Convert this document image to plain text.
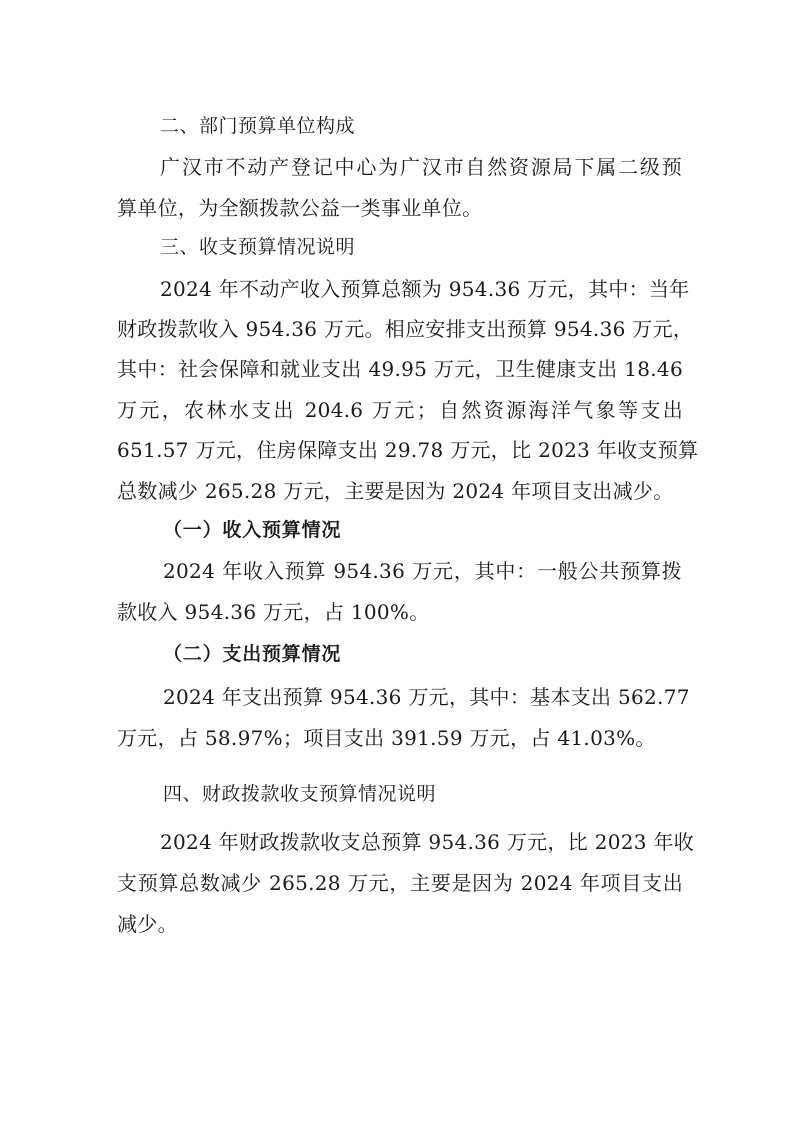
二、部门预算单位构成
广汉市不动产登记中心为广汉市自然资源局下属二级预
算单位，为全额拨款公益一类事业单位。
三、收支预算情况说明
2024 年不动产收入预算总额为 954.36 万元，其中：当年
财政拨款收入 954.36 万元。相应安排支出预算 954.36 万元，
其中：社会保障和就业支出 49.95 万元，卫生健康支出 18.46
万元，农林水支出 204.6 万元；自然资源海洋气象等支出
651.57 万元，住房保障支出 29.78 万元，比 2023 年收支预算
总数减少 265.28 万元，主要是因为 2024 年项目支出减少。
（一）收入预算情况
2024 年收入预算 954.36 万元，其中：一般公共预算拨
款收入 954.36 万元，占 100%。
（二）支出预算情况
2024 年支出预算 954.36 万元，其中：基本支出 562.77
万元，占 58.97%；项目支出 391.59 万元，占 41.03%。
四、财政拨款收支预算情况说明
2024 年财政拨款收支总预算 954.36 万元，比 2023 年收
支预算总数减少 265.28 万元，主要是因为 2024 年项目支出
减少。
